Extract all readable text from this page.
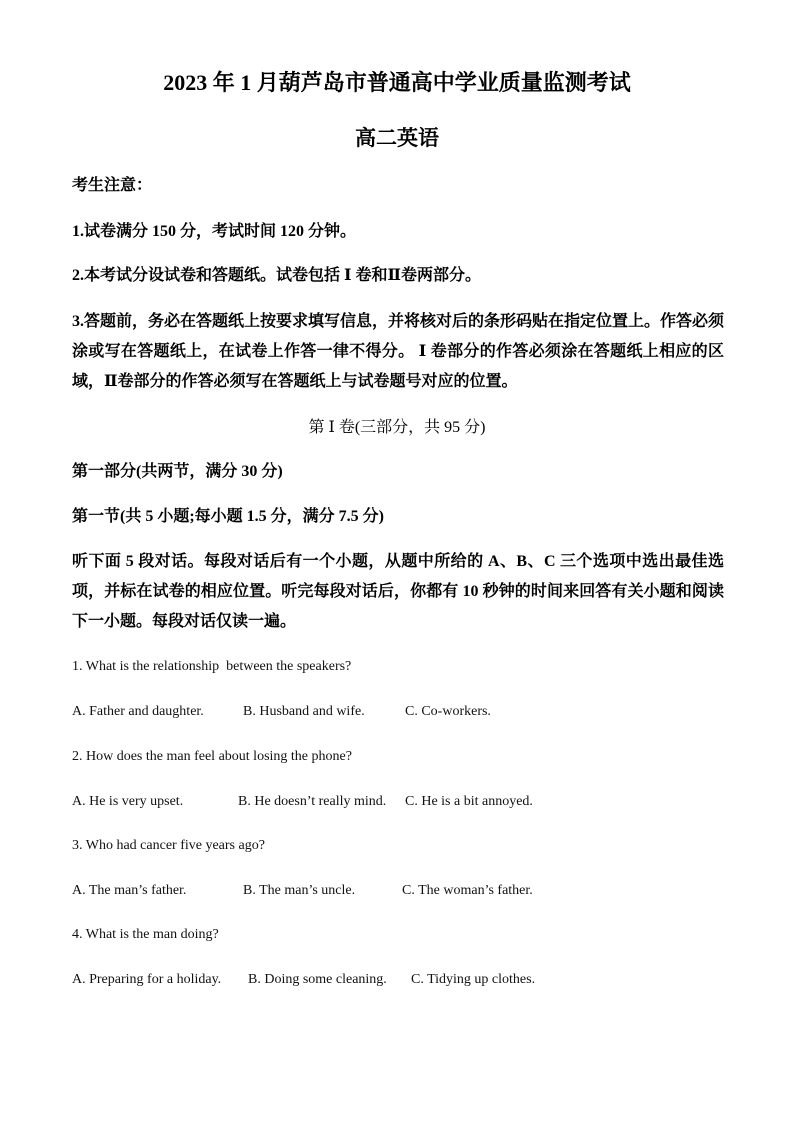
2023 年 1 月葫芦岛市普通高中学业质量监测考试
高二英语
考生注意：
1.试卷满分 150 分，考试时间 120 分钟。
2.本考试分设试卷和答题纸。试卷包括 Ⅰ 卷和Ⅱ卷两部分。
3.答题前，务必在答题纸上按要求填写信息，并将核对后的条形码贴在指定位置上。作答必须
涂或写在答题纸上，在试卷上作答一律不得分。 Ⅰ 卷部分的作答必须涂在答题纸上相应的区
域，Ⅱ卷部分的作答必须写在答题纸上与试卷题号对应的位置。
第 Ⅰ 卷(三部分，共 95 分)
第一部分(共两节，满分 30 分)
第一节(共 5 小题;每小题 1.5 分，满分 7.5 分)
听下面 5 段对话。每段对话后有一个小题，从题中所给的 A、B、C 三个选项中选出最佳选
项，并标在试卷的相应位置。听完每段对话后，你都有 10 秒钟的时间来回答有关小题和阅读
下一小题。每段对话仅读一遍。
1. What is the relationship  between the speakers?
A. Father and daughter.	B. Husband and wife.	C. Co-workers.
2. How does the man feel about losing the phone?
A. He is very upset.	B. He doesn’t really mind. C. He is a bit annoyed.
3. Who had cancer five years ago?
A. The man’s father.	B. The man’s uncle.	C. The woman’s father.
4. What is the man doing?
A. Preparing for a holiday. B. Doing some cleaning. C. Tidying up clothes.
